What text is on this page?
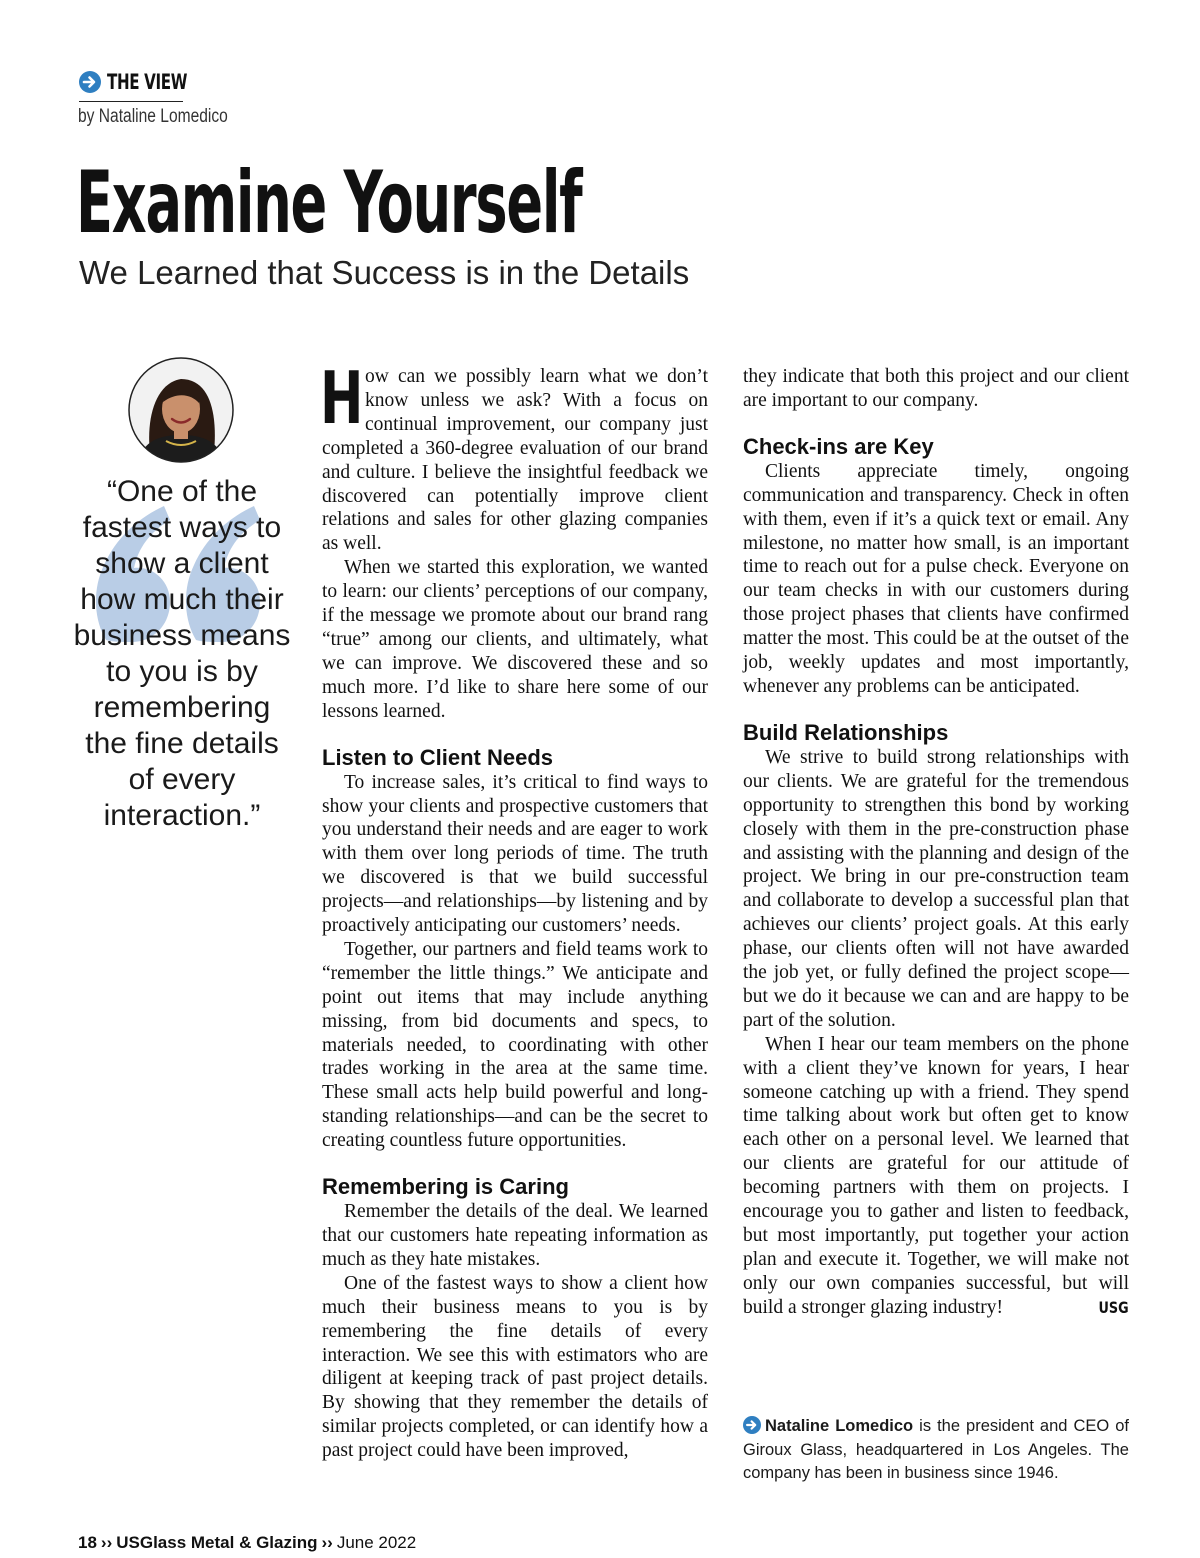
THE VIEW
by Nataline Lomedico
Examine Yourself
We Learned that Success is in the Details
“One of the fastest ways to show a client how much their business means to you is by remembering the fine details of every interaction.”
H ow can we possibly learn what we don’t know unless we ask? With a focus on continual improvement, our company just completed a 360-degree evaluation of our brand and culture. I believe the insightful feedback we discovered can potentially improve client relations and sales for other glazing companies as well.

When we started this exploration, we wanted to learn: our clients’ perceptions of our company, if the message we promote about our brand rang “true” among our clients, and ultimately, what we can improve. We discovered these and so much more. I’d like to share here some of our lessons learned.

Listen to Client Needs

To increase sales, it’s critical to find ways to show your clients and prospective customers that you understand their needs and are eager to work with them over long periods of time. The truth we discovered is that we build successful projects—and relationships—by listening and by proactively anticipating our customers’ needs.

Together, our partners and field teams work to “remember the little things.” We anticipate and point out items that may include anything missing, from bid documents and specs, to materials needed, to coordinating with other trades working in the area at the same time. These small acts help build powerful and long-standing relationships—and can be the secret to creating countless future opportunities.

Remembering is Caring

Remember the details of the deal. We learned that our customers hate repeating information as much as they hate mistakes.

One of the fastest ways to show a client how much their business means to you is by remembering the fine details of every interaction. We see this with estimators who are diligent at keeping track of past project details. By showing that they remember the details of similar projects completed, or can identify how a past project could have been improved,

they indicate that both this project and our client are important to our company.

Check-ins are Key

Clients appreciate timely, ongoing communication and transparency. Check in often with them, even if it’s a quick text or email. Any milestone, no matter how small, is an important time to reach out for a pulse check. Everyone on our team checks in with our customers during those project phases that clients have confirmed matter the most. This could be at the outset of the job, weekly updates and most importantly, whenever any problems can be anticipated.

Build Relationships

We strive to build strong relationships with our clients. We are grateful for the tremendous opportunity to strengthen this bond by working closely with them in the pre-construction phase and assisting with the planning and design of the project. We bring in our pre-construction team and collaborate to develop a successful plan that achieves our clients’ project goals. At this early phase, our clients often will not have awarded the job yet, or fully defined the project scope—but we do it because we can and are happy to be part of the solution.

When I hear our team members on the phone with a client they’ve known for years, I hear someone catching up with a friend. They spend time talking about work but often get to know each other on a personal level. We learned that our clients are grateful for our attitude of becoming partners with them on projects. I encourage you to gather and listen to feedback, but most importantly, put together your action plan and execute it. Together, we will make not only our own companies successful, but will build a stronger glazing industry!	USG

Nataline Lomedico is the president and CEO of Giroux Glass, headquartered in Los Angeles. The company has been in business since 1946.
18 ›› USGlass Metal & Glazing ›› June 2022
